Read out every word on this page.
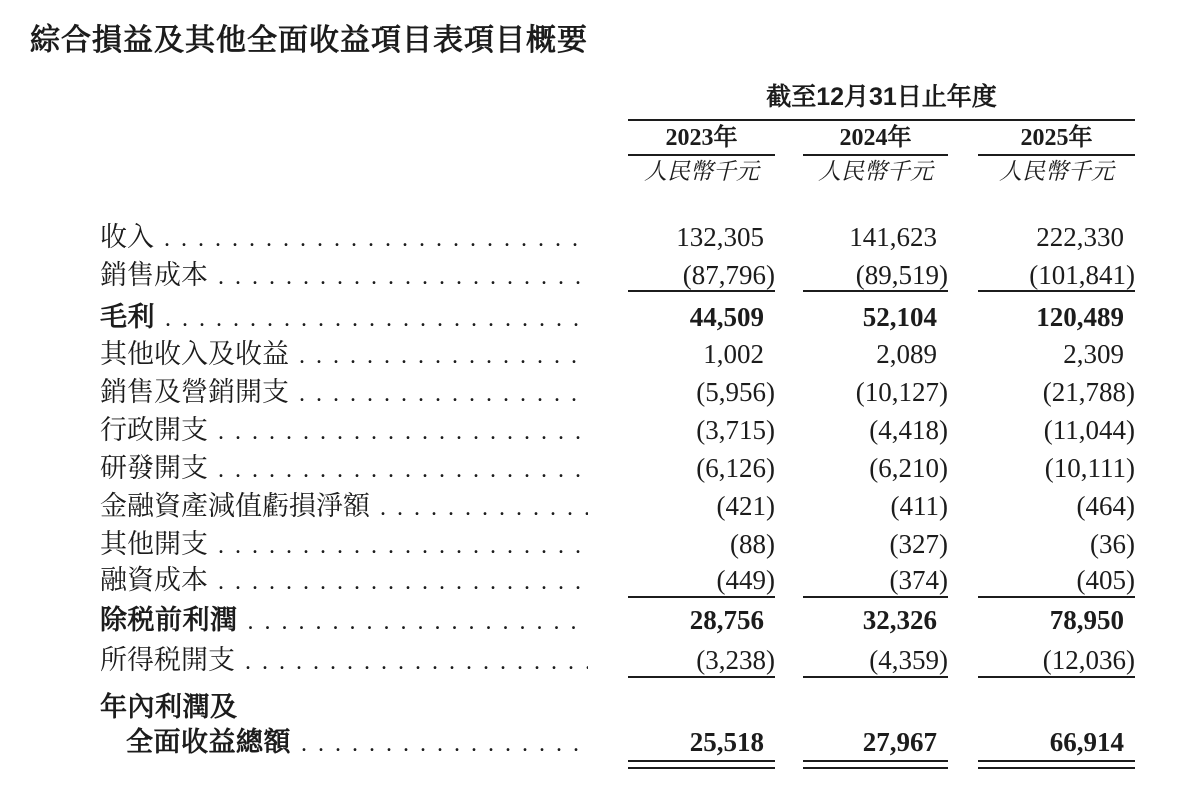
綜合損益及其他全面收益項目表項目概要
截至12月31日止年度
2023年	2024年	2025年
人民幣千元	人民幣千元	人民幣千元
收入 . . .	132,305	141,623	222,330
銷售成本 . . .	(87,796)	(89,519)	(101,841)
毛利 . . .	44,509	52,104	120,489
其他收入及收益 . . .	1,002	2,089	2,309
銷售及營銷開支 . . .	(5,956)	(10,127)	(21,788)
行政開支 . . .	(3,715)	(4,418)	(11,044)
研發開支 . . .	(6,126)	(6,210)	(10,111)
金融資產減值虧損淨額 . . .	(421)	(411)	(464)
其他開支 . . .	(88)	(327)	(36)
融資成本 . . .	(449)	(374)	(405)
除税前利潤 . . .	28,756	32,326	78,950
所得税開支 . . .	(3,238)	(4,359)	(12,036)
年內利潤及
全面收益總額 . . .	25,518	27,967	66,914
